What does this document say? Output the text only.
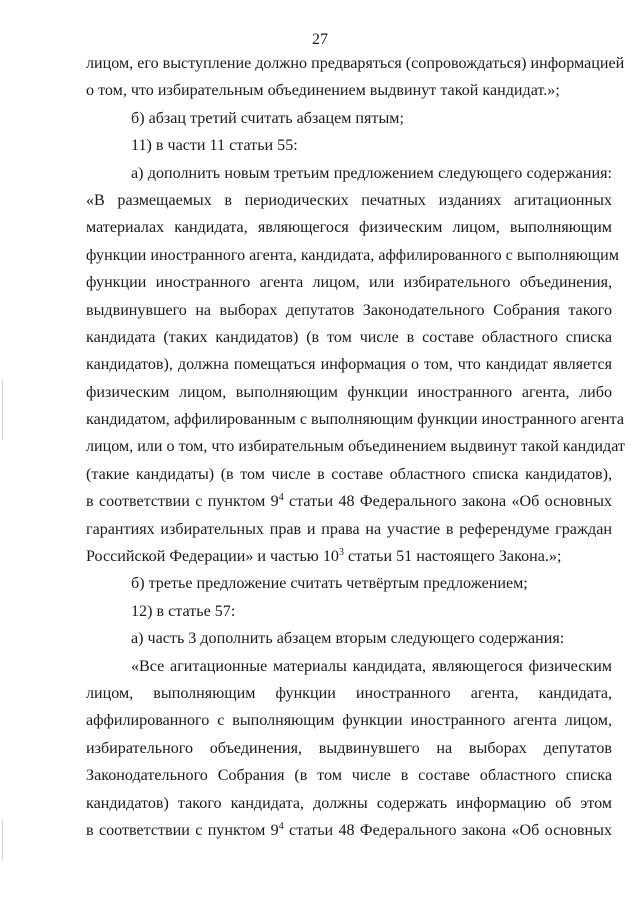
27
лицом, его выступление должно предваряться (сопровождаться) информацией
о том, что избирательным объединением выдвинут такой кандидат.»;
б) абзац третий считать абзацем пятым;
11) в части 11 статьи 55:
а) дополнить новым третьим предложением следующего содержания:
«В размещаемых в периодических печатных изданиях агитационных
материалах кандидата, являющегося физическим лицом, выполняющим
функции иностранного агента, кандидата, аффилированного с выполняющим
функции иностранного агента лицом, или избирательного объединения,
выдвинувшего на выборах депутатов Законодательного Собрания такого
кандидата (таких кандидатов) (в том числе в составе областного списка
кандидатов), должна помещаться информация о том, что кандидат является
физическим лицом, выполняющим функции иностранного агента, либо
кандидатом, аффилированным с выполняющим функции иностранного агента
лицом, или о том, что избирательным объединением выдвинут такой кандидат
(такие кандидаты) (в том числе в составе областного списка кандидатов),
в соответствии с пунктом $9^4$ статьи 48 Федерального закона «Об основных
гарантиях избирательных прав и права на участие в референдуме граждан
Российской Федерации» и частью $10^3$ статьи 51 настоящего Закона.»;
б) третье предложение считать четвёртым предложением;
12) в статье 57:
а) часть 3 дополнить абзацем вторым следующего содержания:
«Все агитационные материалы кандидата, являющегося физическим
лицом, выполняющим функции иностранного агента, кандидата,
аффилированного с выполняющим функции иностранного агента лицом,
избирательного объединения, выдвинувшего на выборах депутатов
Законодательного Собрания (в том числе в составе областного списка
кандидатов) такого кандидата, должны содержать информацию об этом
в соответствии с пунктом $9^4$ статьи 48 Федерального закона «Об основных
